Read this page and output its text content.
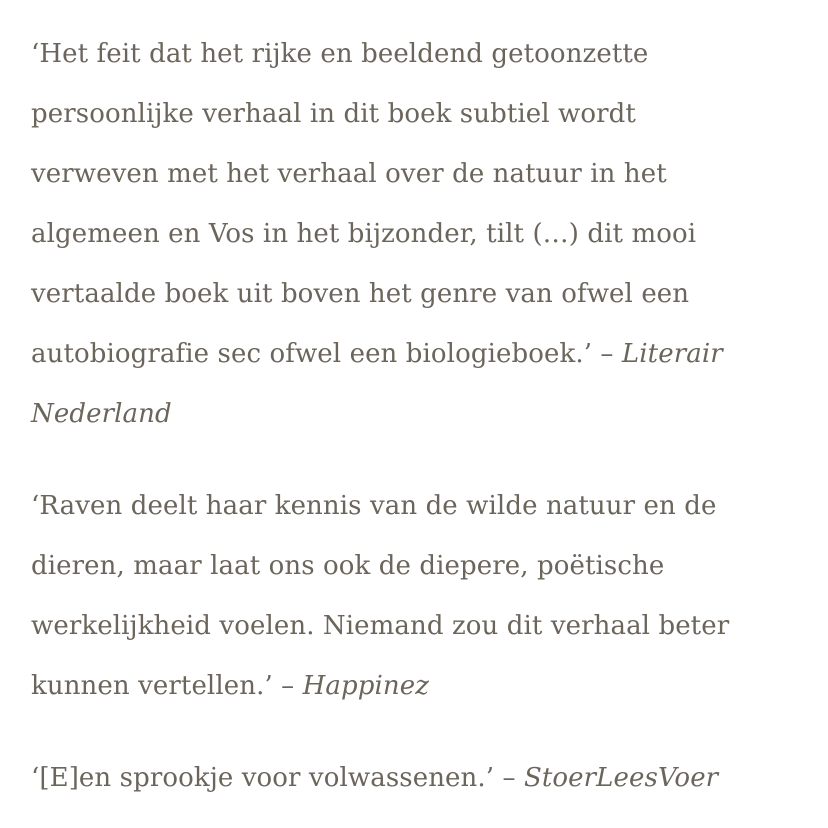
‘Het feit dat het rijke en beeldend getoonzette
persoonlijke verhaal in dit boek subtiel wordt
verweven met het verhaal over de natuur in het
algemeen en Vos in het bijzonder, tilt (…) dit mooi
vertaalde boek uit boven het genre van ofwel een
autobiografie sec ofwel een biologieboek.’ – Literair
Nederland

‘Raven deelt haar kennis van de wilde natuur en de
dieren, maar laat ons ook de diepere, poëtische
werkelijkheid voelen. Niemand zou dit verhaal beter
kunnen vertellen.’ – Happinez

‘[E]en sprookje voor volwassenen.’ – StoerLeesVoer
